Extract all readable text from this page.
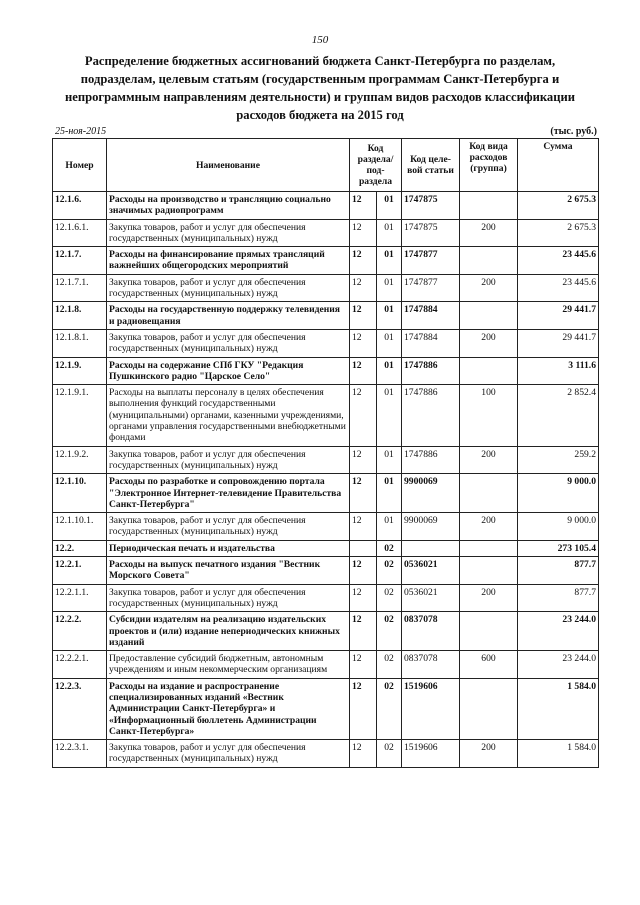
150
Распределение бюджетных ассигнований бюджета Санкт-Петербурга по разделам, подразделам, целевым статьям (государственным программам Санкт-Петербурга и непрограммным направлениям деятельности) и группам видов расходов классификации расходов бюджета на 2015 год
25-ноя-2015	(тыс. руб.)
Номер	Наименование	Код раздела/ под- раздела		Код целе- вой статьи	Код вида расходов (группа)	Сумма
12.1.6.	Расходы на производство и трансляцию социально значимых радиопрограмм	12	01	1747875		2 675.3
12.1.6.1.	Закупка товаров, работ и услуг для обеспечения государственных (муниципальных) нужд	12	01	1747875	200	2 675.3
12.1.7.	Расходы на финансирование прямых трансляций важнейших общегородских мероприятий	12	01	1747877		23 445.6
12.1.7.1.	Закупка товаров, работ и услуг для обеспечения государственных (муниципальных) нужд	12	01	1747877	200	23 445.6
12.1.8.	Расходы на государственную поддержку телевидения и радиовещания	12	01	1747884		29 441.7
12.1.8.1.	Закупка товаров, работ и услуг для обеспечения государственных (муниципальных) нужд	12	01	1747884	200	29 441.7
12.1.9.	Расходы на содержание СПб ГКУ "Редакция Пушкинского радио "Царское Село"	12	01	1747886		3 111.6
12.1.9.1.	Расходы на выплаты персоналу в целях обеспечения выполнения функций государственными (муниципальными) органами, казенными учреждениями, органами управления государственными внебюджетными фондами	12	01	1747886	100	2 852.4
12.1.9.2.	Закупка товаров, работ и услуг для обеспечения государственных (муниципальных) нужд	12	01	1747886	200	259.2
12.1.10.	Расходы по разработке и сопровождению портала "Электронное Интернет-телевидение Правительства Санкт-Петербурга"	12	01	9900069		9 000.0
12.1.10.1.	Закупка товаров, работ и услуг для обеспечения государственных (муниципальных) нужд	12	01	9900069	200	9 000.0
12.2.	Периодическая печать и издательства		02			273 105.4
12.2.1.	Расходы на выпуск печатного издания "Вестник Морского Совета"	12	02	0536021		877.7
12.2.1.1.	Закупка товаров, работ и услуг для обеспечения государственных (муниципальных) нужд	12	02	0536021	200	877.7
12.2.2.	Субсидии издателям на реализацию издательских проектов и (или) издание непериодических книжных изданий	12	02	0837078		23 244.0
12.2.2.1.	Предоставление субсидий бюджетным, автономным учреждениям и иным некоммерческим организациям	12	02	0837078	600	23 244.0
12.2.3.	Расходы на издание и распространение специализированных изданий «Вестник Администрации Санкт-Петербурга» и «Информационный бюллетень Администрации Санкт-Петербурга»	12	02	1519606		1 584.0
12.2.3.1.	Закупка товаров, работ и услуг для обеспечения государственных (муниципальных) нужд	12	02	1519606	200	1 584.0
